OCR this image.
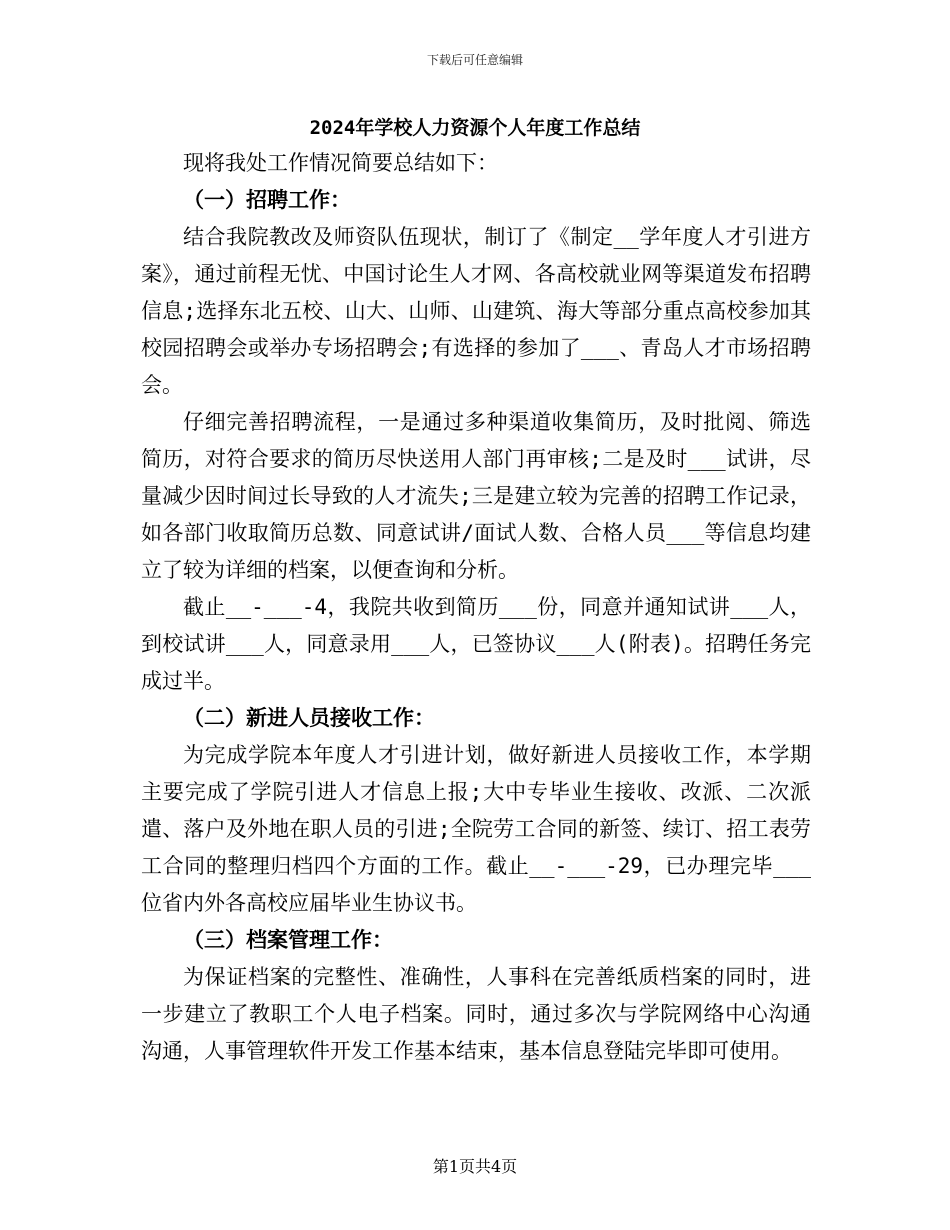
下载后可任意编辑
2024年学校人力资源个人年度工作总结

现将我处工作情况简要总结如下：

（一）招聘工作：

结合我院教改及师资队伍现状，制订了《制定__学年度人才引进方案》，通过前程无忧、中国讨论生人才网、各高校就业网等渠道发布招聘信息;选择东北五校、山大、山师、山建筑、海大等部分重点高校参加其校园招聘会或举办专场招聘会;有选择的参加了___、青岛人才市场招聘会。

仔细完善招聘流程，一是通过多种渠道收集简历，及时批阅、筛选简历，对符合要求的简历尽快送用人部门再审核;二是及时___试讲，尽量减少因时间过长导致的人才流失;三是建立较为完善的招聘工作记录，如各部门收取简历总数、同意试讲/面试人数、合格人员___等信息均建立了较为详细的档案，以便查询和分析。

截止__-___-4，我院共收到简历___份，同意并通知试讲___人，到校试讲___人，同意录用___人，已签协议___人(附表)。招聘任务完成过半。

（二）新进人员接收工作：

为完成学院本年度人才引进计划，做好新进人员接收工作，本学期主要完成了学院引进人才信息上报;大中专毕业生接收、改派、二次派遣、落户及外地在职人员的引进;全院劳工合同的新签、续订、招工表劳工合同的整理归档四个方面的工作。截止__-___-29，已办理完毕___位省内外各高校应届毕业生协议书。

（三）档案管理工作：

为保证档案的完整性、准确性，人事科在完善纸质档案的同时，进一步建立了教职工个人电子档案。同时，通过多次与学院网络中心沟通沟通，人事管理软件开发工作基本结束，基本信息登陆完毕即可使用。

第1页共4页
